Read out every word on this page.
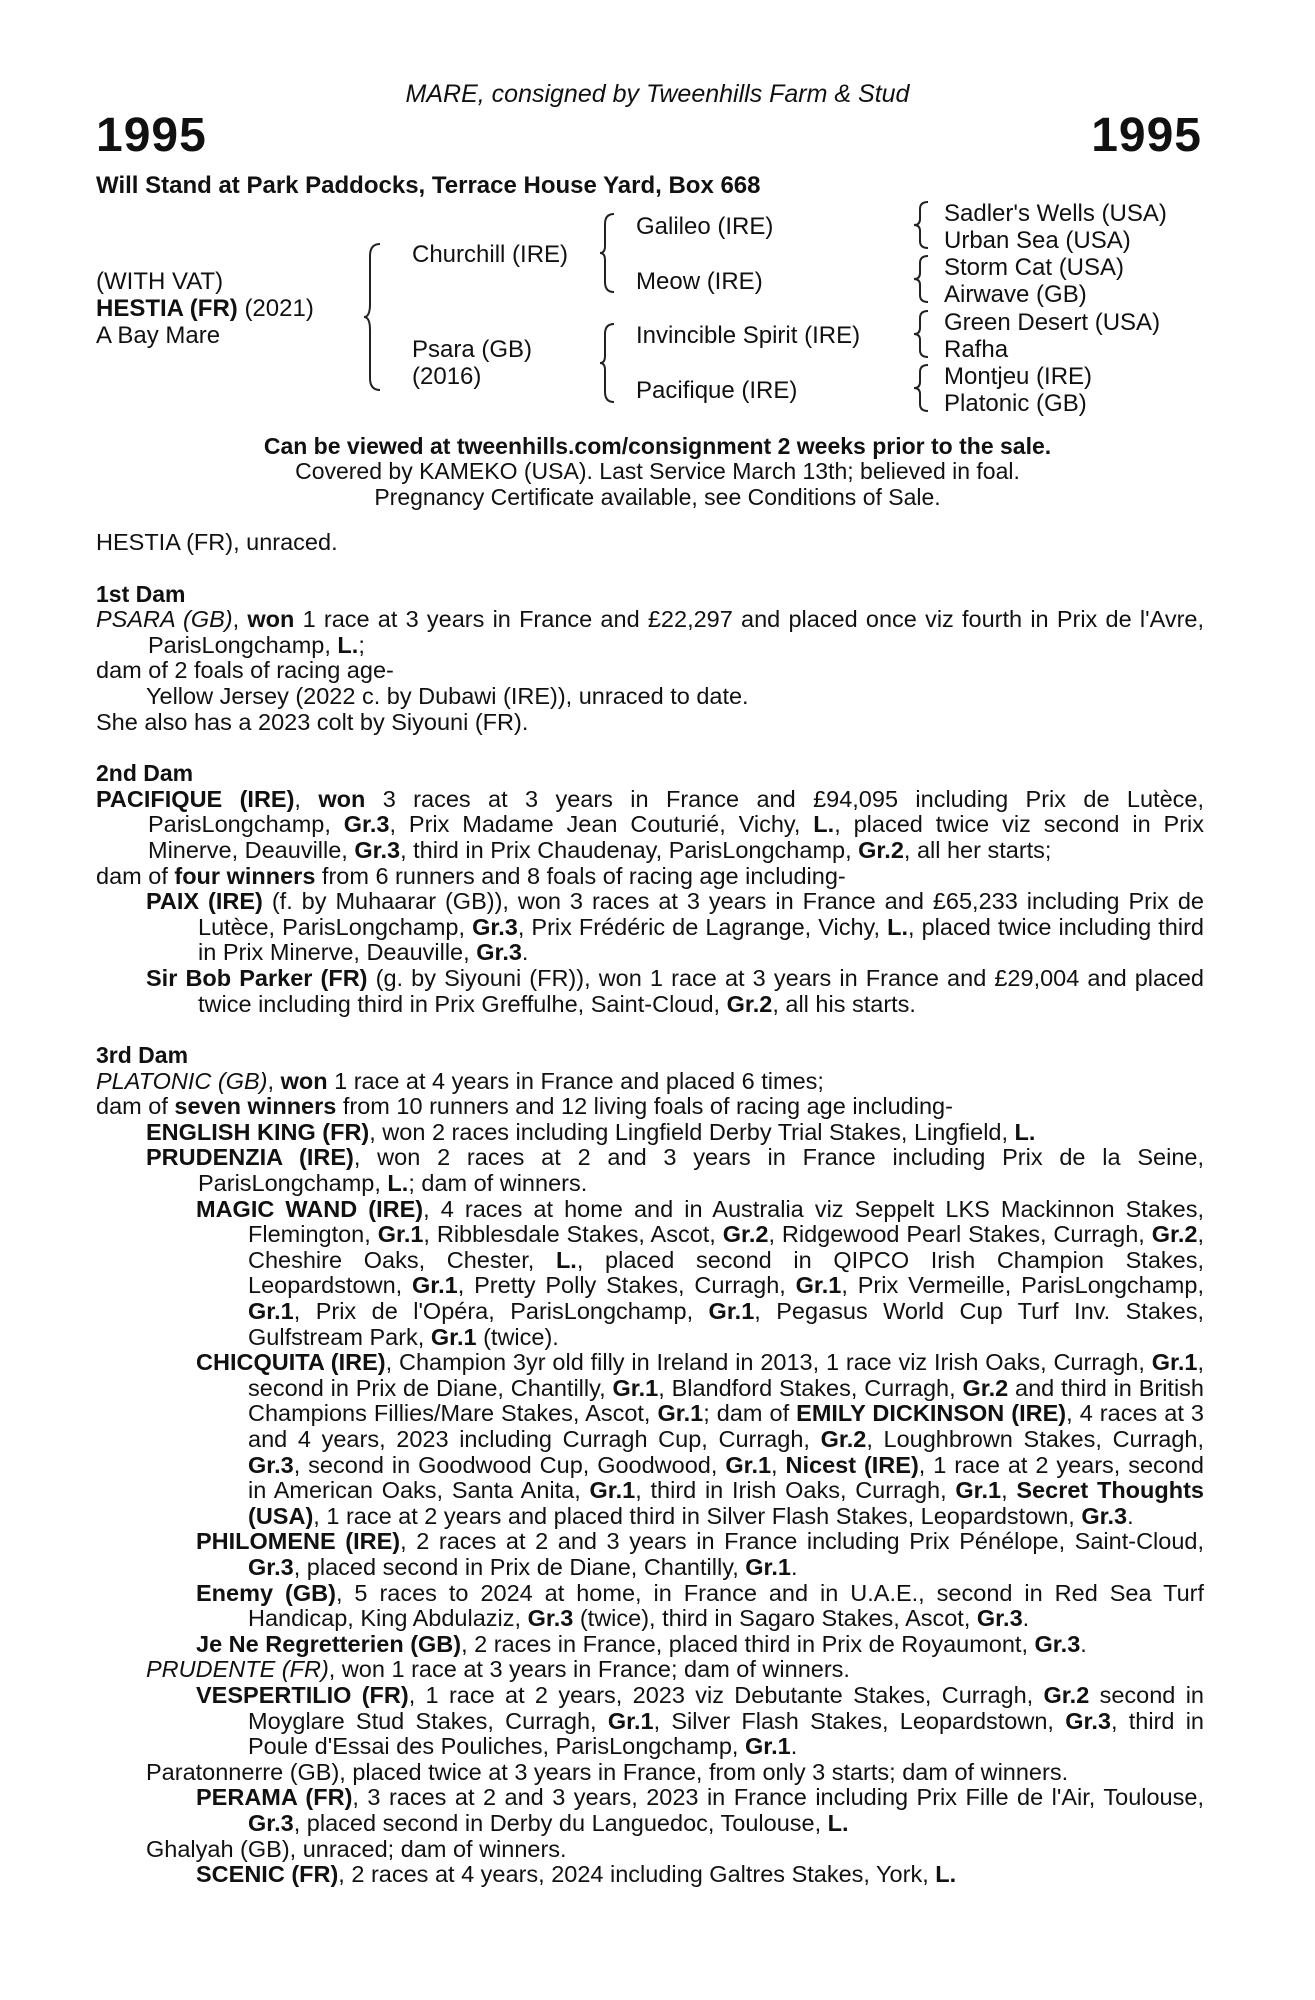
1995	1995
MARE, consigned by Tweenhills Farm & Stud
Will Stand at Park Paddocks, Terrace House Yard, Box 668
(WITH VAT)
HESTIA (FR) (2021)
A Bay Mare
Churchill (IRE)
Psara (GB)
(2016)
Galileo (IRE)
Meow (IRE)
Invincible Spirit (IRE)
Pacifique (IRE)
Sadler's Wells (USA)
Urban Sea (USA)
Storm Cat (USA)
Airwave (GB)
Green Desert (USA)
Rafha
Montjeu (IRE)
Platonic (GB)
Can be viewed at tweenhills.com/consignment 2 weeks prior to the sale.
Covered by KAMEKO (USA). Last Service March 13th; believed in foal.
Pregnancy Certificate available, see Conditions of Sale.

HESTIA (FR), unraced.

1st Dam

PSARA (GB), won 1 race at 3 years in France and £22,297 and placed once viz fourth in Prix de l'Avre, ParisLongchamp, L.;

dam of 2 foals of racing age-

Yellow Jersey (2022 c. by Dubawi (IRE)), unraced to date.

She also has a 2023 colt by Siyouni (FR).

2nd Dam

PACIFIQUE (IRE), won 3 races at 3 years in France and £94,095 including Prix de Lutèce, ParisLongchamp, Gr.3, Prix Madame Jean Couturié, Vichy, L., placed twice viz second in Prix Minerve, Deauville, Gr.3, third in Prix Chaudenay, ParisLongchamp, Gr.2, all her starts;

dam of four winners from 6 runners and 8 foals of racing age including-

PAIX (IRE) (f. by Muhaarar (GB)), won 3 races at 3 years in France and £65,233 including Prix de Lutèce, ParisLongchamp, Gr.3, Prix Frédéric de Lagrange, Vichy, L., placed twice including third in Prix Minerve, Deauville, Gr.3.

Sir Bob Parker (FR) (g. by Siyouni (FR)), won 1 race at 3 years in France and £29,004 and placed twice including third in Prix Greffulhe, Saint-Cloud, Gr.2, all his starts.

3rd Dam

PLATONIC (GB), won 1 race at 4 years in France and placed 6 times;

dam of seven winners from 10 runners and 12 living foals of racing age including-

ENGLISH KING (FR), won 2 races including Lingfield Derby Trial Stakes, Lingfield, L.

PRUDENZIA (IRE), won 2 races at 2 and 3 years in France including Prix de la Seine, ParisLongchamp, L.; dam of winners.

MAGIC WAND (IRE), 4 races at home and in Australia viz Seppelt LKS Mackinnon Stakes, Flemington, Gr.1, Ribblesdale Stakes, Ascot, Gr.2, Ridgewood Pearl Stakes, Curragh, Gr.2, Cheshire Oaks, Chester, L., placed second in QIPCO Irish Champion Stakes, Leopardstown, Gr.1, Pretty Polly Stakes, Curragh, Gr.1, Prix Vermeille, ParisLongchamp, Gr.1, Prix de l'Opéra, ParisLongchamp, Gr.1, Pegasus World Cup Turf Inv. Stakes, Gulfstream Park, Gr.1 (twice).

CHICQUITA (IRE), Champion 3yr old filly in Ireland in 2013, 1 race viz Irish Oaks, Curragh, Gr.1, second in Prix de Diane, Chantilly, Gr.1, Blandford Stakes, Curragh, Gr.2 and third in British Champions Fillies/Mare Stakes, Ascot, Gr.1; dam of EMILY DICKINSON (IRE), 4 races at 3 and 4 years, 2023 including Curragh Cup, Curragh, Gr.2, Loughbrown Stakes, Curragh, Gr.3, second in Goodwood Cup, Goodwood, Gr.1, Nicest (IRE), 1 race at 2 years, second in American Oaks, Santa Anita, Gr.1, third in Irish Oaks, Curragh, Gr.1, Secret Thoughts (USA), 1 race at 2 years and placed third in Silver Flash Stakes, Leopardstown, Gr.3.

PHILOMENE (IRE), 2 races at 2 and 3 years in France including Prix Pénélope, Saint-Cloud, Gr.3, placed second in Prix de Diane, Chantilly, Gr.1.

Enemy (GB), 5 races to 2024 at home, in France and in U.A.E., second in Red Sea Turf Handicap, King Abdulaziz, Gr.3 (twice), third in Sagaro Stakes, Ascot, Gr.3.

Je Ne Regretterien (GB), 2 races in France, placed third in Prix de Royaumont, Gr.3.

PRUDENTE (FR), won 1 race at 3 years in France; dam of winners.

VESPERTILIO (FR), 1 race at 2 years, 2023 viz Debutante Stakes, Curragh, Gr.2 second in Moyglare Stud Stakes, Curragh, Gr.1, Silver Flash Stakes, Leopardstown, Gr.3, third in Poule d'Essai des Pouliches, ParisLongchamp, Gr.1.

Paratonnerre (GB), placed twice at 3 years in France, from only 3 starts; dam of winners.

PERAMA (FR), 3 races at 2 and 3 years, 2023 in France including Prix Fille de l'Air, Toulouse, Gr.3, placed second in Derby du Languedoc, Toulouse, L.

Ghalyah (GB), unraced; dam of winners.

SCENIC (FR), 2 races at 4 years, 2024 including Galtres Stakes, York, L.
